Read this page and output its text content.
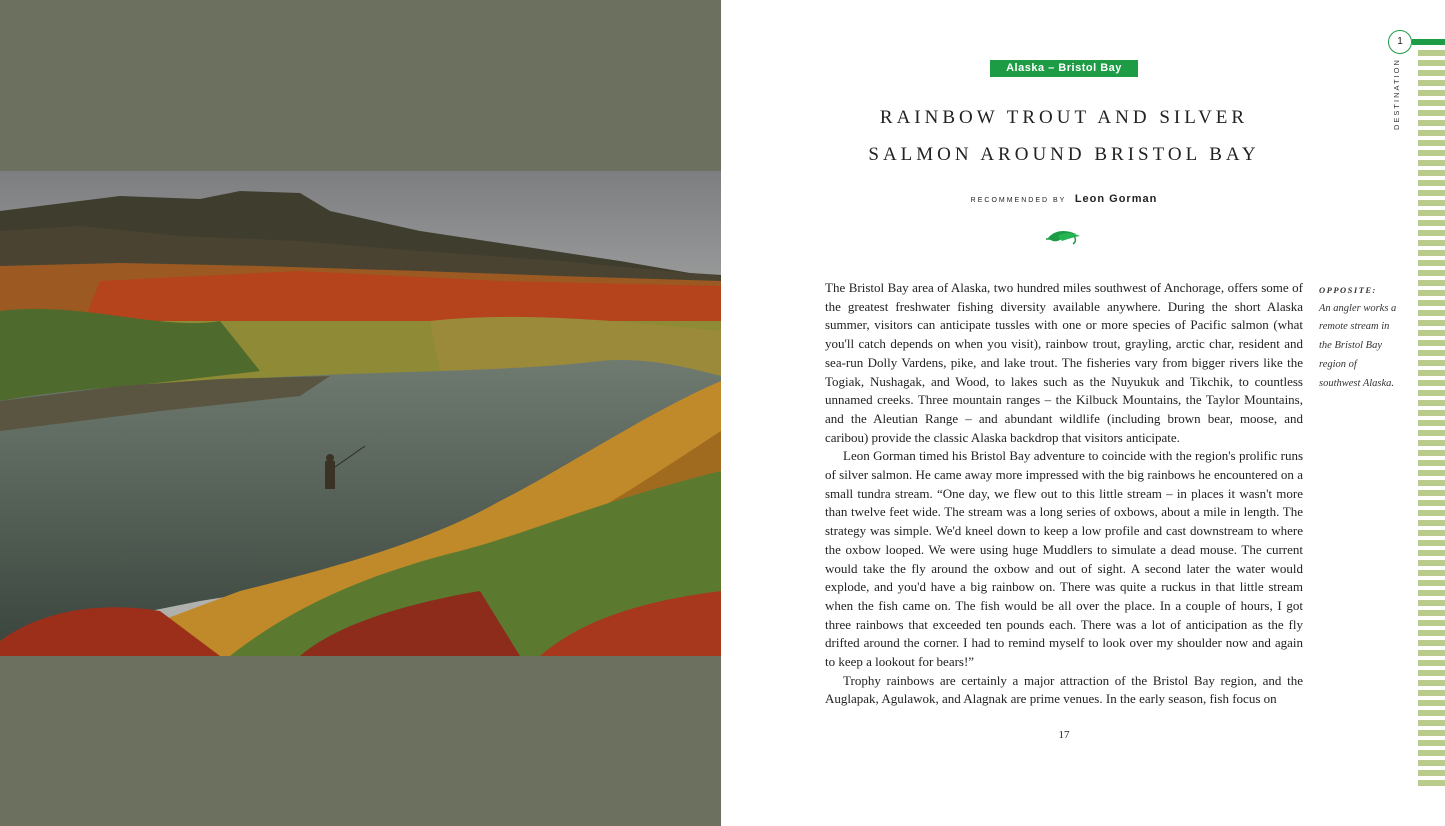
Alaska – Bristol Bay
RAINBOW TROUT AND SILVER
SALMON AROUND BRISTOL BAY
RECOMMENDED BY Leon Gorman

The Bristol Bay area of Alaska, two hundred miles southwest of Anchorage, offers some of the greatest freshwater fishing diversity available anywhere. During the short Alaska summer, visitors can anticipate tussles with one or more species of Pacific salmon (what you'll catch depends on when you visit), rainbow trout, grayling, arctic char, resident and sea-run Dolly Vardens, pike, and lake trout. The fisheries vary from bigger rivers like the Togiak, Nushagak, and Wood, to lakes such as the Nuyukuk and Tikchik, to countless unnamed creeks. Three mountain ranges – the Kilbuck Mountains, the Taylor Mountains, and the Aleutian Range – and abundant wildlife (including brown bear, moose, and caribou) provide the classic Alaska backdrop that visitors anticipate.

Leon Gorman timed his Bristol Bay adventure to coincide with the region's prolific runs of silver salmon. He came away more impressed with the big rainbows he encountered on a small tundra stream. “One day, we flew out to this little stream – in places it wasn't more than twelve feet wide. The stream was a long series of oxbows, about a mile in length. The strategy was simple. We'd kneel down to keep a low profile and cast downstream to where the oxbow looped. We were using huge Muddlers to simulate a dead mouse. The current would take the fly around the oxbow and out of sight. A second later the water would explode, and you'd have a big rainbow on. There was quite a ruckus in that little stream when the fish came on. The fish would be all over the place. In a couple of hours, I got three rainbows that exceeded ten pounds each. There was a lot of anticipation as the fly drifted around the corner. I had to remind myself to look over my shoulder now and again to keep a lookout for bears!”

Trophy rainbows are certainly a major attraction of the Bristol Bay region, and the Auglapak, Agulawok, and Alagnak are prime venues. In the early season, fish focus on

OPPOSITE:
An angler works a remote stream in the Bristol Bay region of southwest Alaska.
17
1
DESTINATION
